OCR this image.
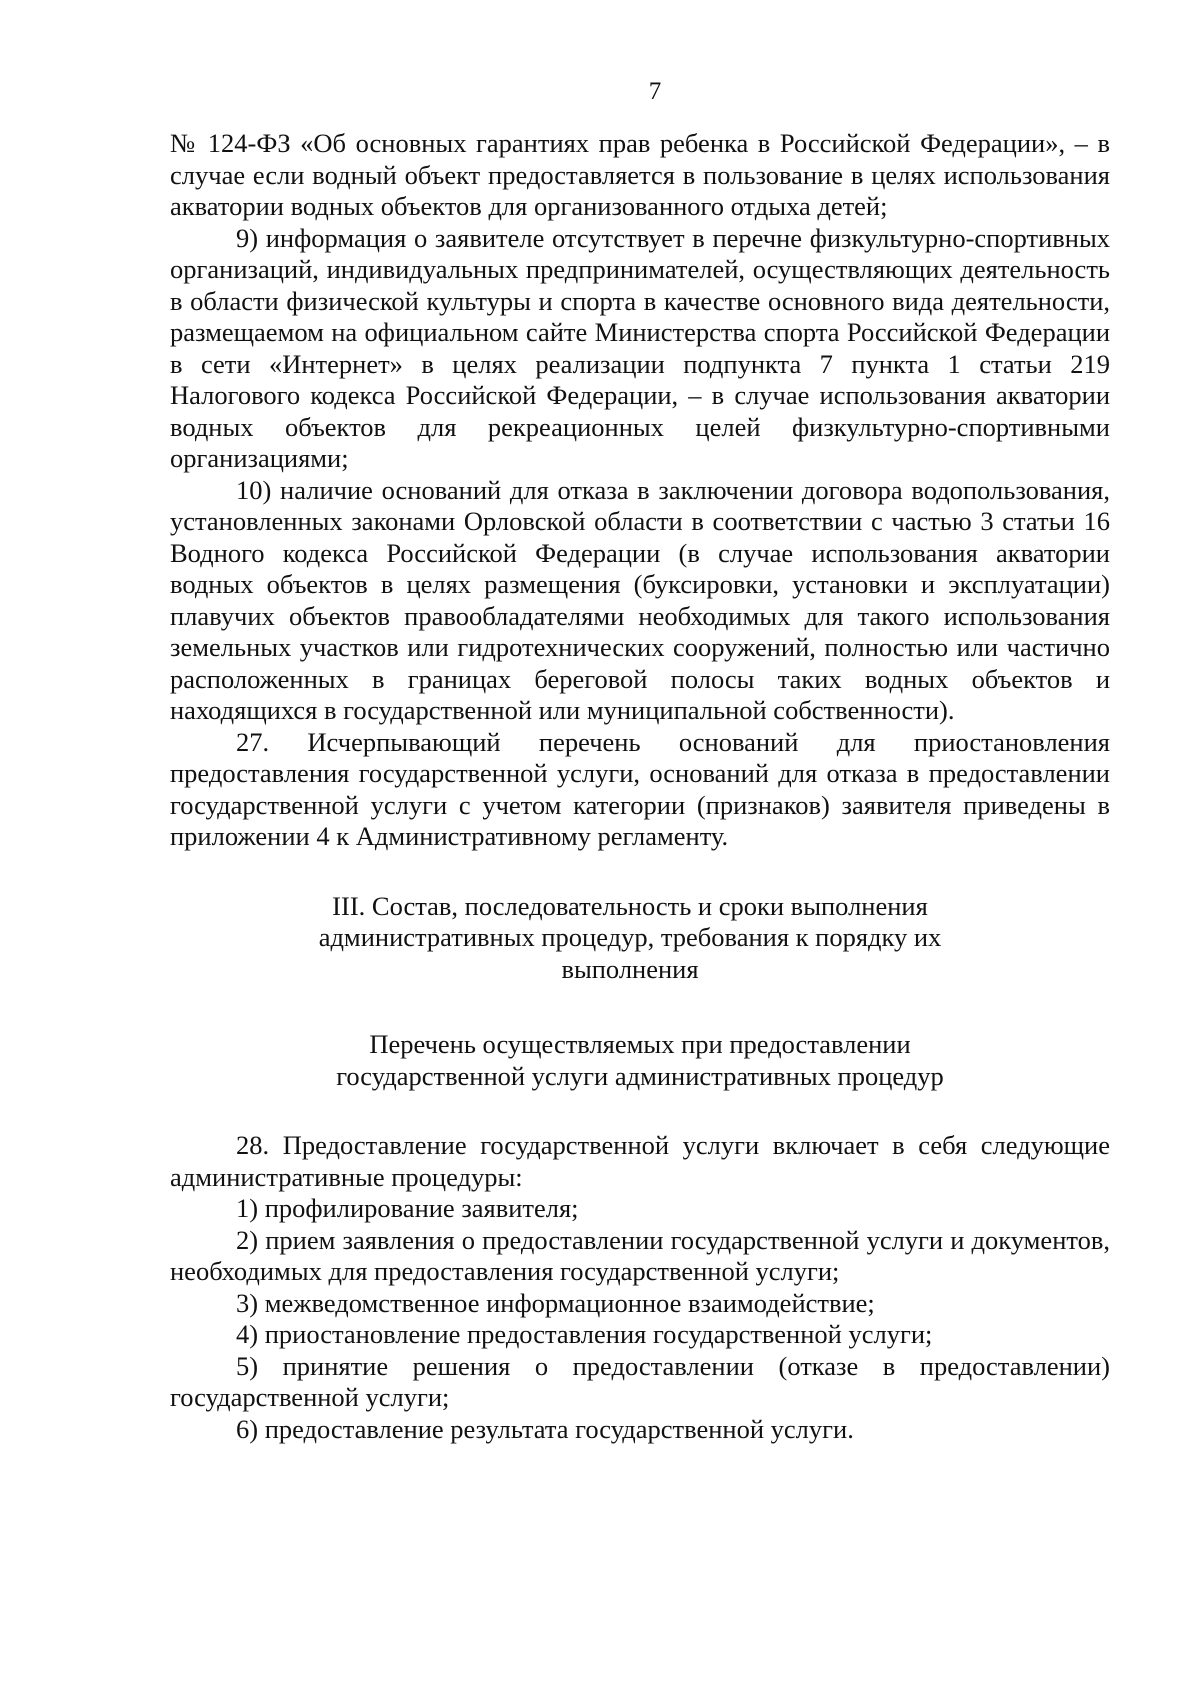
7

№ 124-ФЗ «Об основных гарантиях прав ребенка в Российской Федерации», – в случае если водный объект предоставляется в пользование в целях использования акватории водных объектов для организованного отдыха детей;

9) информация о заявителе отсутствует в перечне физкультурно-спортивных организаций, индивидуальных предпринимателей, осуществляющих деятельность в области физической культуры и спорта в качестве основного вида деятельности, размещаемом на официальном сайте Министерства спорта Российской Федерации в сети «Интернет» в целях реализации подпункта 7 пункта 1 статьи 219 Налогового кодекса Российской Федерации, – в случае использования акватории водных объектов для рекреационных целей физкультурно-спортивными организациями;

10) наличие оснований для отказа в заключении договора водопользования, установленных законами Орловской области в соответствии с частью 3 статьи 16 Водного кодекса Российской Федерации (в случае использования акватории водных объектов в целях размещения (буксировки, установки и эксплуатации) плавучих объектов правообладателями необходимых для такого использования земельных участков или гидротехнических сооружений, полностью или частично расположенных в границах береговой полосы таких водных объектов и находящихся в государственной или муниципальной собственности).

27. Исчерпывающий перечень оснований для приостановления предоставления государственной услуги, оснований для отказа в предоставлении государственной услуги с учетом категории (признаков) заявителя приведены в приложении 4 к Административному регламенту.

III. Состав, последовательность и сроки выполнения административных процедур, требования к порядку их выполнения
Перечень осуществляемых при предоставлении государственной услуги административных процедур

28. Предоставление государственной услуги включает в себя следующие административные процедуры:

1) профилирование заявителя;

2) прием заявления о предоставлении государственной услуги и документов, необходимых для предоставления государственной услуги;

3) межведомственное информационное взаимодействие;

4) приостановление предоставления государственной услуги;

5) принятие решения о предоставлении (отказе в предоставлении) государственной услуги;

6) предоставление результата государственной услуги.
